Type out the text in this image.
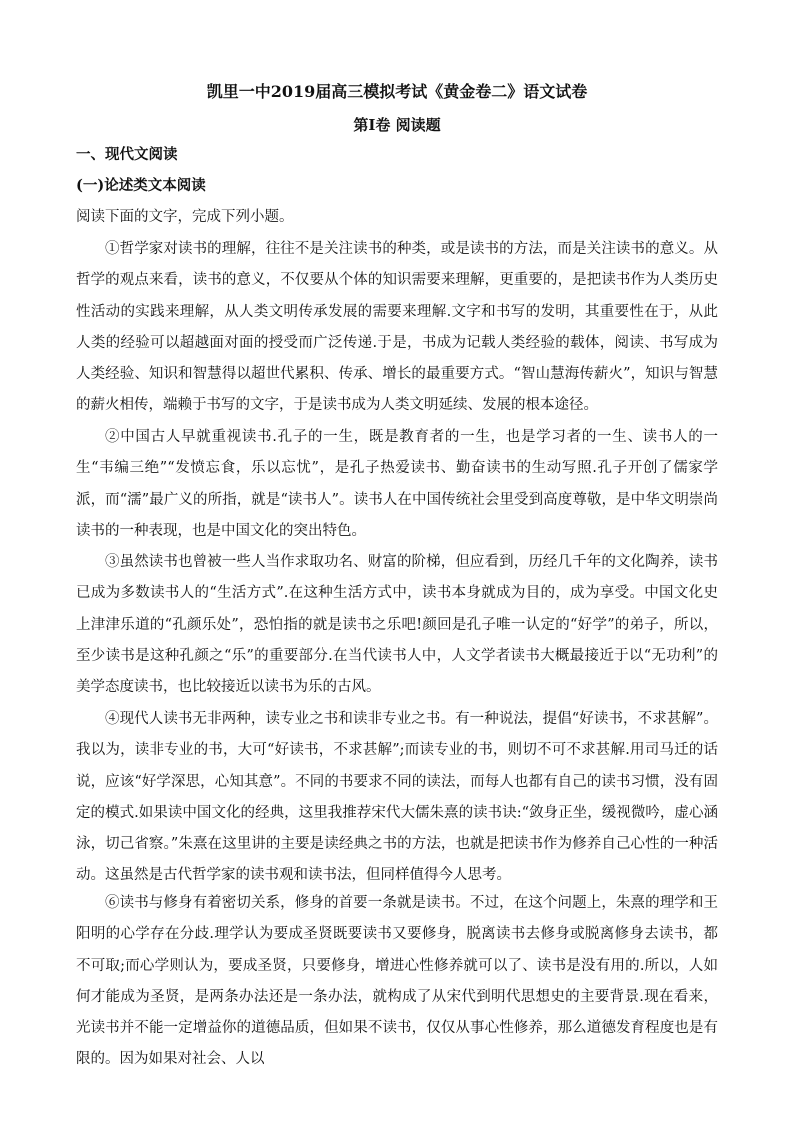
凯里一中2019届高三模拟考试《黄金卷二》语文试卷
第Ⅰ卷 阅读题
一、现代文阅读
(一)论述类文本阅读
阅读下面的文字，完成下列小题。

①哲学家对读书的理解，往往不是关注读书的种类，或是读书的方法，而是关注读书的意义。从哲学的观点来看，读书的意义，不仅要从个体的知识需要来理解，更重要的，是把读书作为人类历史性活动的实践来理解，从人类文明传承发展的需要来理解.文字和书写的发明，其重要性在于，从此人类的经验可以超越面对面的授受而广泛传递.于是，书成为记载人类经验的载体，阅读、书写成为人类经验、知识和智慧得以超世代累积、传承、增长的最重要方式。“智山慧海传薪火”，知识与智慧的薪火相传，端赖于书写的文字，于是读书成为人类文明延续、发展的根本途径。

②中国古人早就重视读书.孔子的一生，既是教育者的一生，也是学习者的一生、读书人的一生“韦编三绝”“发愤忘食，乐以忘忧”，是孔子热爱读书、勤奋读书的生动写照.孔子开创了儒家学派，而“濡”最广义的所指，就是“读书人”。读书人在中国传统社会里受到高度尊敬，是中华文明崇尚读书的一种表现，也是中国文化的突出特色。

③虽然读书也曾被一些人当作求取功名、财富的阶梯，但应看到，历经几千年的文化陶养，读书已成为多数读书人的“生活方式”.在这种生活方式中，读书本身就成为目的，成为享受。中国文化史上津津乐道的“孔颜乐处”，恐怕指的就是读书之乐吧!颜回是孔子唯一认定的“好学”的弟子，所以，至少读书是这种孔颜之“乐”的重要部分.在当代读书人中，人文学者读书大概最接近于以“无功利”的美学态度读书，也比较接近以读书为乐的古风。

④现代人读书无非两种，读专业之书和读非专业之书。有一种说法，提倡“好读书，不求甚解”。我以为，读非专业的书，大可“好读书，不求甚解”;而读专业的书，则切不可不求甚解.用司马迁的话说，应该“好学深思，心知其意”。不同的书要求不同的读法，而每人也都有自己的读书习惯，没有固定的模式.如果读中国文化的经典，这里我推荐宋代大儒朱熹的读书诀:“敛身正坐，缓视微吟，虚心涵泳，切己省察。”朱熹在这里讲的主要是读经典之书的方法，也就是把读书作为修养自己心性的一种活动。这虽然是古代哲学家的读书观和读书法，但同样值得今人思考。

⑥读书与修身有着密切关系，修身的首要一条就是读书。不过，在这个问题上，朱熹的理学和王阳明的心学存在分歧.理学认为要成圣贤既要读书又要修身，脱离读书去修身或脱离修身去读书，都不可取;而心学则认为，要成圣贤，只要修身，增进心性修养就可以了、读书是没有用的.所以，人如何才能成为圣贤，是两条办法还是一条办法，就构成了从宋代到明代思想史的主要背景.现在看来，光读书并不能一定增益你的道德品质，但如果不读书，仅仅从事心性修养，那么道德发育程度也是有限的。因为如果对社会、人以
